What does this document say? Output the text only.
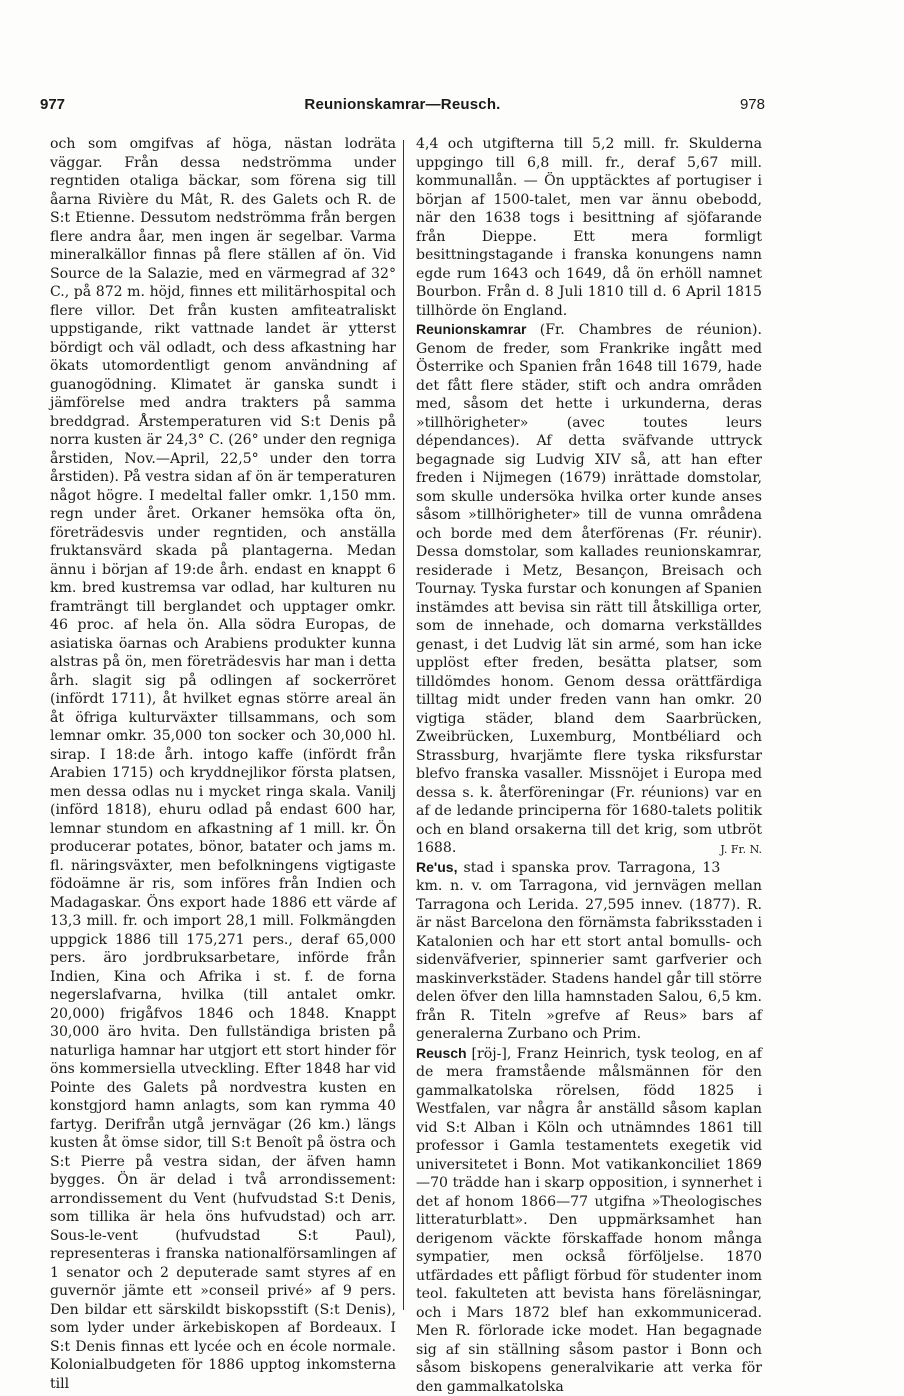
977	Reunionskamrar—Reusch.	978

och som omgifvas af höga, nästan lodräta väggar. Från dessa nedströmma under regntiden otaliga bäckar, som förena sig till åarna Rivière du Mât, R. des Galets och R. de S:t Etienne. Dessutom nedströmma från bergen flere andra åar, men ingen är segelbar. Varma mineralkällor finnas på flere ställen af ön. Vid Source de la Salazie, med en värmegrad af 32° C., på 872 m. höjd, finnes ett militärhospital och flere villor. Det från kusten amfiteatraliskt uppstigande, rikt vattnade landet är ytterst bördigt och väl odladt, och dess afkastning har ökats utomordentligt genom användning af guanogödning. Klimatet är ganska sundt i jämförelse med andra trakters på samma breddgrad. Årstemperaturen vid S:t Denis på norra kusten är 24,3° C. (26° under den regniga årstiden, Nov.—April, 22,5° under den torra årstiden). På vestra sidan af ön är temperaturen något högre. I medeltal faller omkr. 1,150 mm. regn under året. Orkaner hemsöka ofta ön, företrädesvis under regntiden, och anställa fruktansvärd skada på plantagerna. Medan ännu i början af 19:de årh. endast en knappt 6 km. bred kustremsa var odlad, har kulturen nu framträngt till berglandet och upptager omkr. 46 proc. af hela ön. Alla södra Europas, de asiatiska öarnas och Arabiens produkter kunna alstras på ön, men företrädesvis har man i detta årh. slagit sig på odlingen af sockerröret (infördt 1711), åt hvilket egnas större areal än åt öfriga kulturväxter tillsammans, och som lemnar omkr. 35,000 ton socker och 30,000 hl. sirap. I 18:de årh. intogo kaffe (infördt från Arabien 1715) och kryddnejlikor första platsen, men dessa odlas nu i mycket ringa skala. Vanilj (införd 1818), ehuru odlad på endast 600 har, lemnar stundom en afkastning af 1 mill. kr. Ön producerar potates, bönor, batater och jams m. fl. näringsväxter, men befolkningens vigtigaste födoämne är ris, som införes från Indien och Madagaskar. Öns export hade 1886 ett värde af 13,3 mill. fr. och import 28,1 mill. Folkmängden uppgick 1886 till 175,271 pers., deraf 65,000 pers. äro jordbruksarbetare, införde från Indien, Kina och Afrika i st. f. de forna negerslafvarna, hvilka (till antalet omkr. 20,000) frigåfvos 1846 och 1848. Knappt 30,000 äro hvita. Den fullständiga bristen på naturliga hamnar har utgjort ett stort hinder för öns kommersiella utveckling. Efter 1848 har vid Pointe des Galets på nordvestra kusten en konstgjord hamn anlagts, som kan rymma 40 fartyg. Derifrån utgå jernvägar (26 km.) längs kusten åt ömse sidor, till S:t Benoît på östra och S:t Pierre på vestra sidan, der äfven hamn bygges. Ön är delad i två arrondissement: arrondissement du Vent (hufvudstad S:t Denis, som tillika är hela öns hufvudstad) och arr. Sous-le-vent (hufvudstad S:t Paul), representeras i franska nationalförsamlingen af 1 senator och 2 deputerade samt styres af en guvernör jämte ett »conseil privé» af 9 pers. Den bildar ett särskildt biskopsstift (S:t Denis), som lyder under ärkebiskopen af Bordeaux. I S:t Denis finnas ett lycée och en école normale. Kolonialbudgeten för 1886 upptog inkomsterna till

4,4 och utgifterna till 5,2 mill. fr. Skulderna uppgingo till 6,8 mill. fr., deraf 5,67 mill. kommunallån. — Ön upptäcktes af portugiser i början af 1500-talet, men var ännu obebodd, när den 1638 togs i besittning af sjöfarande från Dieppe. Ett mera formligt besittningstagande i franska konungens namn egde rum 1643 och 1649, då ön erhöll namnet Bourbon. Från d. 8 Juli 1810 till d. 6 April 1815 tillhörde ön England.

Reunionskamrar (Fr. Chambres de réunion). Genom de freder, som Frankrike ingått med Österrike och Spanien från 1648 till 1679, hade det fått flere städer, stift och andra områden med, såsom det hette i urkunderna, deras »tillhörigheter» (avec toutes leurs dépendances). Af detta sväfvande uttryck begagnade sig Ludvig XIV så, att han efter freden i Nijmegen (1679) inrättade domstolar, som skulle undersöka hvilka orter kunde anses såsom »tillhörigheter» till de vunna områdena och borde med dem återförenas (Fr. réunir). Dessa domstolar, som kallades reunionskamrar, residerade i Metz, Besançon, Breisach och Tournay. Tyska furstar och konungen af Spanien instämdes att bevisa sin rätt till åtskilliga orter, som de innehade, och domarna verkställdes genast, i det Ludvig lät sin armé, som han icke upplöst efter freden, besätta platser, som tilldömdes honom. Genom dessa orättfärdiga tilltag midt under freden vann han omkr. 20 vigtiga städer, bland dem Saarbrücken, Zweibrücken, Luxemburg, Montbéliard och Strassburg, hvarjämte flere tyska riksfurstar blefvo franska vasaller. Missnöjet i Europa med dessa s. k. återföreningar (Fr. réunions) var en af de ledande principerna för 1680-talets politik och en bland orsakerna till det krig, som utbröt 1688.	J. Fr. N.

Re'us, stad i spanska prov. Tarragona, 13 km. n. v. om Tarragona, vid jernvägen mellan Tarragona och Lerida. 27,595 innev. (1877). R. är näst Barcelona den förnämsta fabriksstaden i Katalonien och har ett stort antal bomulls- och sidenväfverier, spinnerier samt garfverier och maskinverkstäder. Stadens handel går till större delen öfver den lilla hamnstaden Salou, 6,5 km. från R. Titeln »grefve af Reus» bars af generalerna Zurbano och Prim.

Reusch [röj-], Franz Heinrich, tysk teolog, en af de mera framstående målsmännen för den gammalkatolska rörelsen, född 1825 i Westfalen, var några år anställd såsom kaplan vid S:t Alban i Köln och utnämndes 1861 till professor i Gamla testamentets exegetik vid universitetet i Bonn. Mot vatikankonciliet 1869—70 trädde han i skarp opposition, i synnerhet i det af honom 1866—77 utgifna »Theologisches litteraturblatt». Den uppmärksamhet han derigenom väckte förskaffade honom många sympatier, men också förföljelse. 1870 utfärdades ett påfligt förbud för studenter inom teol. fakulteten att bevista hans föreläsningar, och i Mars 1872 blef han exkommunicerad. Men R. förlorade icke modet. Han begagnade sig af sin ställning såsom pastor i Bonn och såsom biskopens generalvikarie att verka för den gammalkatolska
